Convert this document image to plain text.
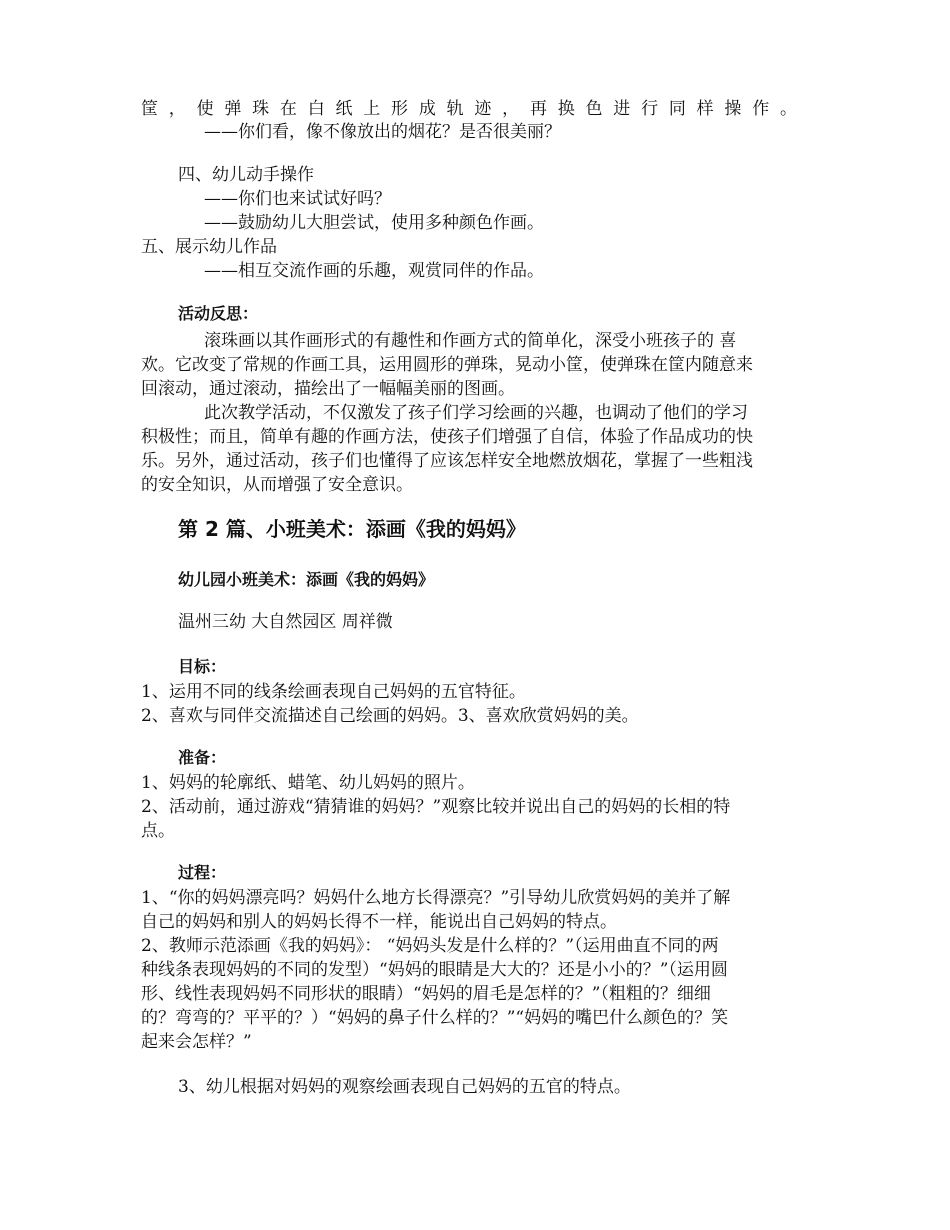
筐，使弹珠在白纸上形成轨迹，再换色进行同样操作。
——你们看，像不像放出的烟花？是否很美丽？
四、幼儿动手操作
——你们也来试试好吗？
——鼓励幼儿大胆尝试，使用多种颜色作画。
五、展示幼儿作品
——相互交流作画的乐趣，观赏同伴的作品。
活动反思：
滚珠画以其作画形式的有趣性和作画方式的简单化，深受小班孩子的 喜
欢。它改变了常规的作画工具，运用圆形的弹珠，晃动小筐，使弹珠在筐内随意来
回滚动，通过滚动，描绘出了一幅幅美丽的图画。
此次教学活动，不仅激发了孩子们学习绘画的兴趣，也调动了他们的学习
积极性；而且，简单有趣的作画方法，使孩子们增强了自信，体验了作品成功的快
乐。另外，通过活动，孩子们也懂得了应该怎样安全地燃放烟花，掌握了一些粗浅
的安全知识，从而增强了安全意识。
第 2 篇、小班美术：添画《我的妈妈》
幼儿园小班美术：添画《我的妈妈》
温州三幼 大自然园区 周祥微
目标：
1、运用不同的线条绘画表现自己妈妈的五官特征。
2、喜欢与同伴交流描述自己绘画的妈妈。3、喜欢欣赏妈妈的美。
准备：
1、妈妈的轮廓纸、蜡笔、幼儿妈妈的照片。
2、活动前，通过游戏“猜猜谁的妈妈？”观察比较并说出自己的妈妈的长相的特
点。
过程：
1、“你的妈妈漂亮吗？妈妈什么地方长得漂亮？”引导幼儿欣赏妈妈的美并了解
自己的妈妈和别人的妈妈长得不一样，能说出自己妈妈的特点。
2、教师示范添画《我的妈妈》： “妈妈头发是什么样的？”（运用曲直不同的两
种线条表现妈妈的不同的发型）“妈妈的眼睛是大大的？还是小小的？”（运用圆
形、线性表现妈妈不同形状的眼睛）“妈妈的眉毛是怎样的？”（粗粗的？细细
的？弯弯的？平平的？）“妈妈的鼻子什么样的？”“妈妈的嘴巴什么颜色的？笑
起来会怎样？”
3、幼儿根据对妈妈的观察绘画表现自己妈妈的五官的特点。
